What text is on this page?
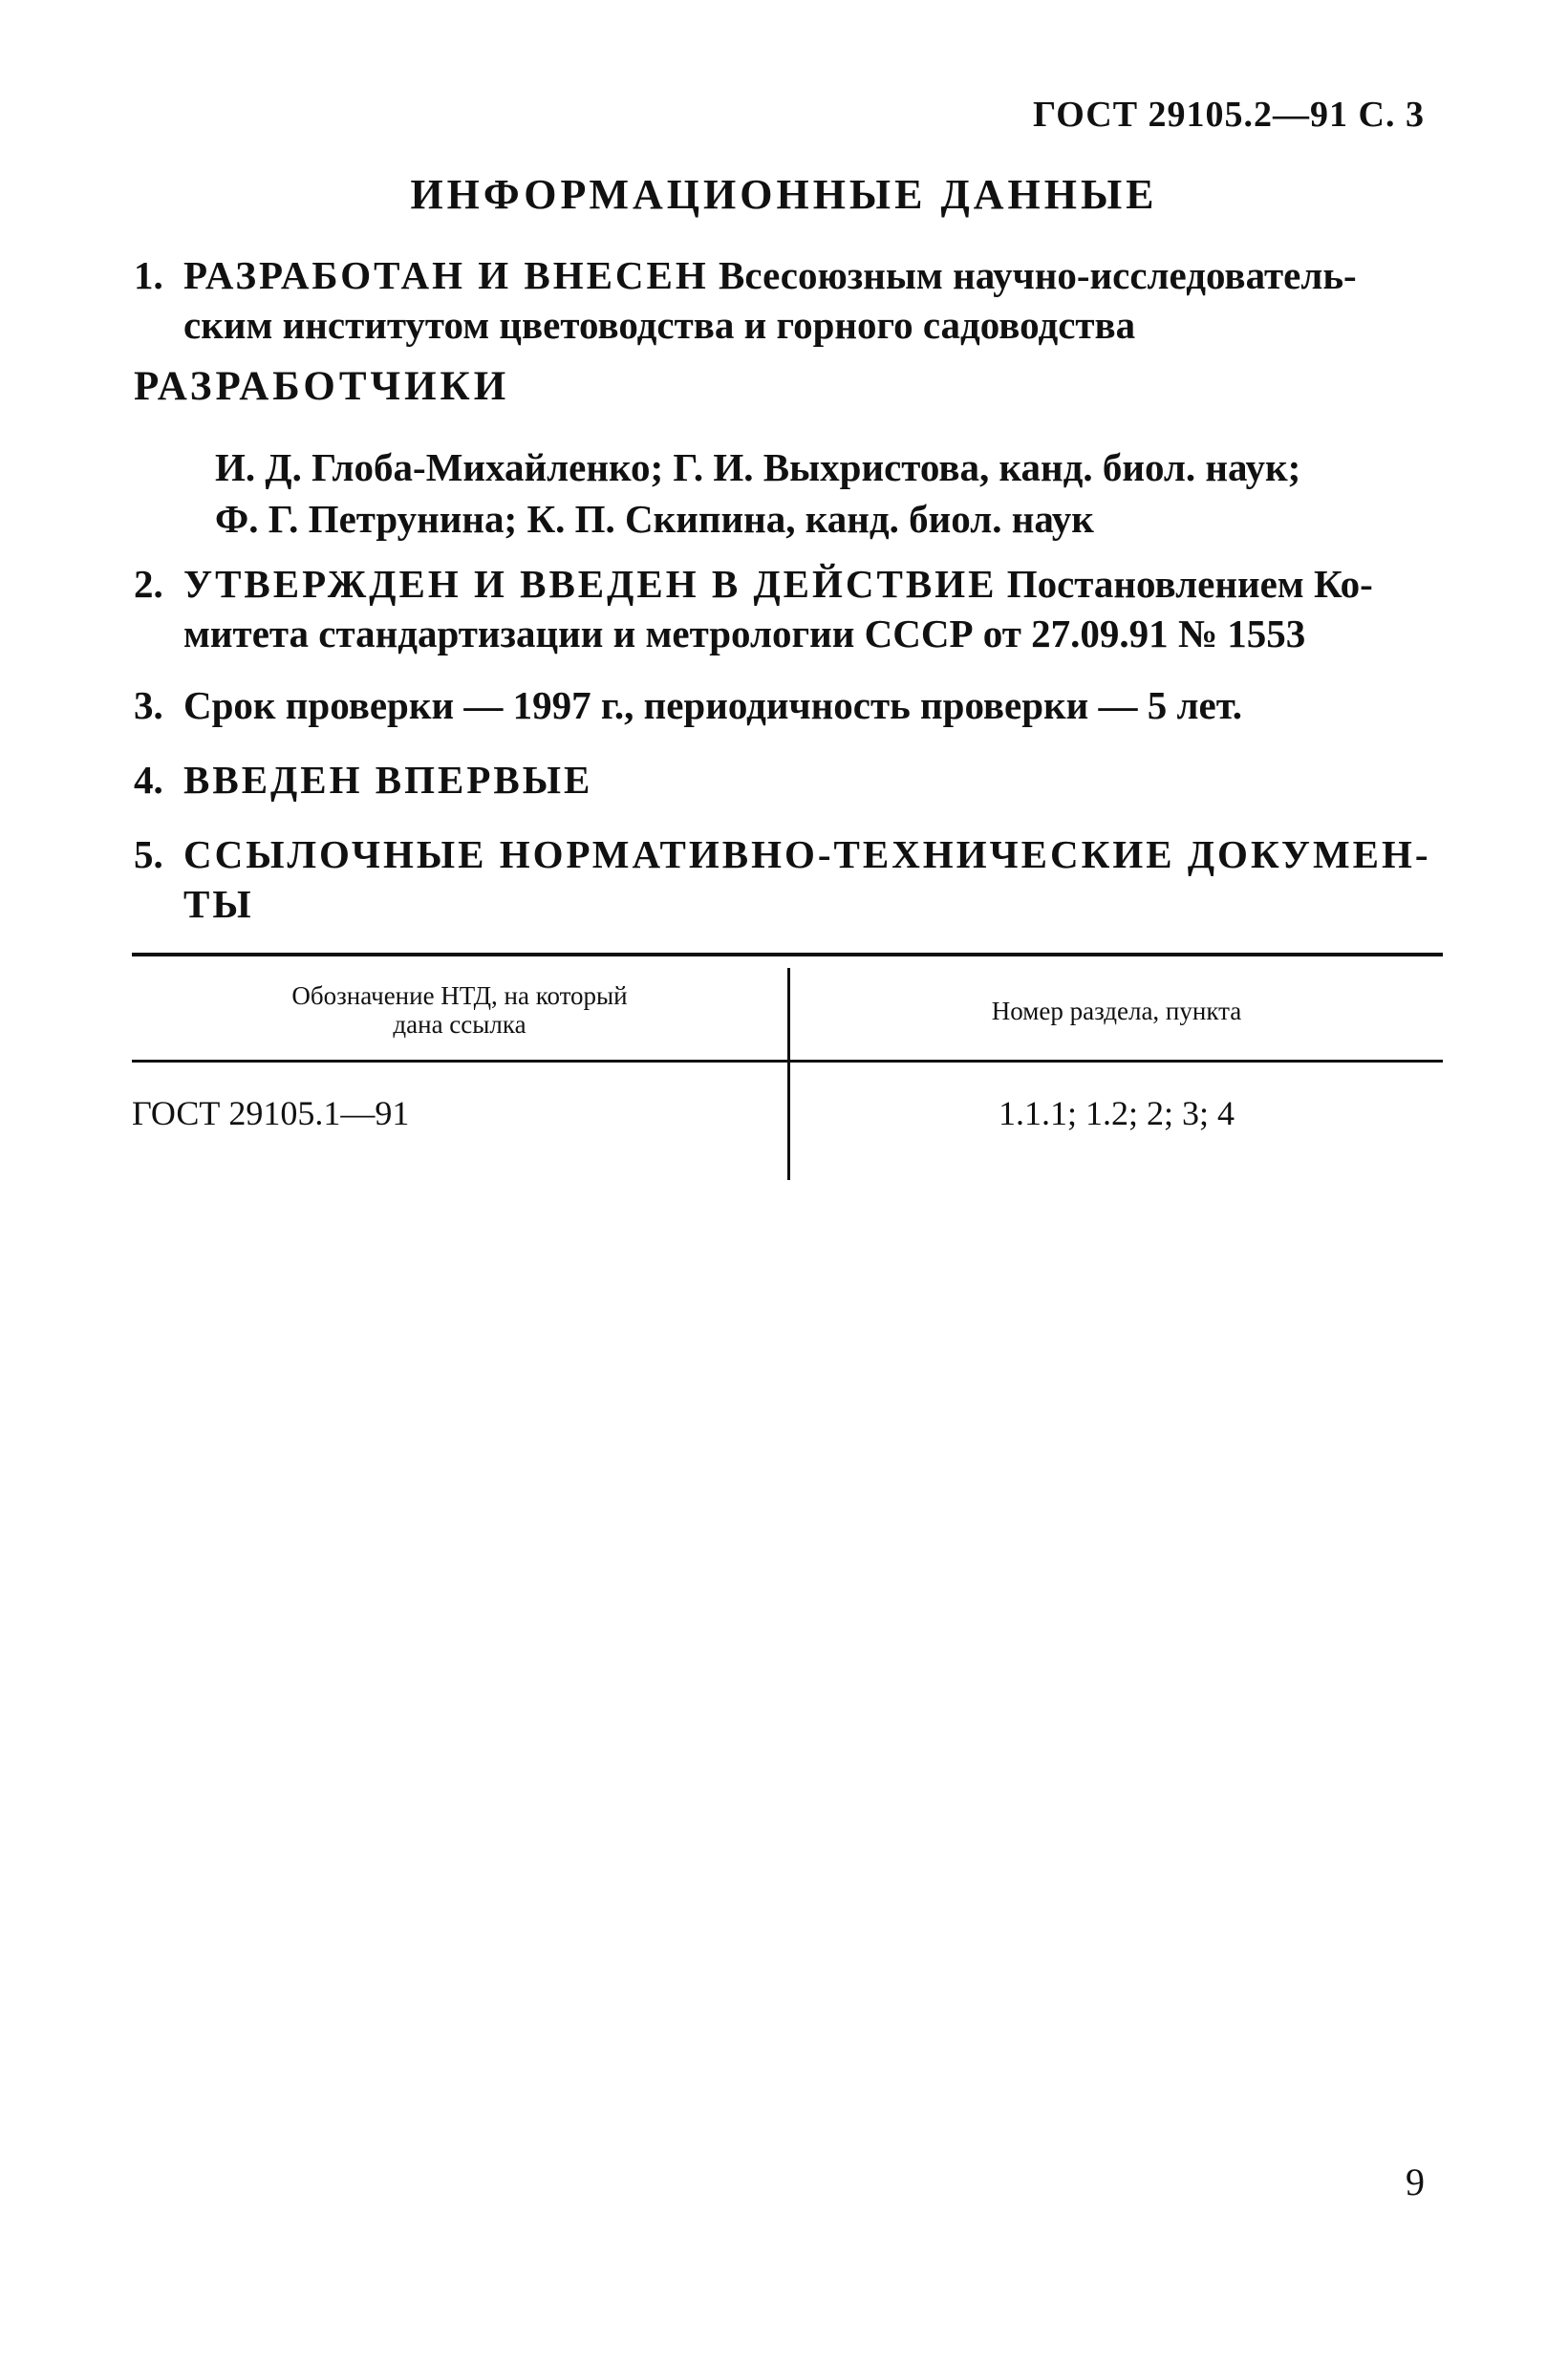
ГОСТ 29105.2—91 С. 3
ИНФОРМАЦИОННЫЕ ДАННЫЕ
1. РАЗРАБОТАН И ВНЕСЕН Всесоюзным научно-исследователь-
ским институтом цветоводства и горного садоводства
РАЗРАБОТЧИКИ
И. Д. Глоба-Михайленко; Г. И. Выхристова, канд. биол. наук;
Ф. Г. Петрунина; К. П. Скипина, канд. биол. наук
2. УТВЕРЖДЕН И ВВЕДЕН В ДЕЙСТВИЕ Постановлением Ко-
митета стандартизации и метрологии СССР от 27.09.91 № 1553
3. Срок проверки — 1997 г., периодичность проверки — 5 лет.
4. ВВЕДЕН ВПЕРВЫЕ
5. ССЫЛОЧНЫЕ НОРМАТИВНО-ТЕХНИЧЕСКИЕ ДОКУМЕН-
ТЫ
Обозначение НТД, на который
дана ссылка	Номер раздела, пункта
ГОСТ 29105.1—91	1.1.1; 1.2; 2; 3; 4
9
